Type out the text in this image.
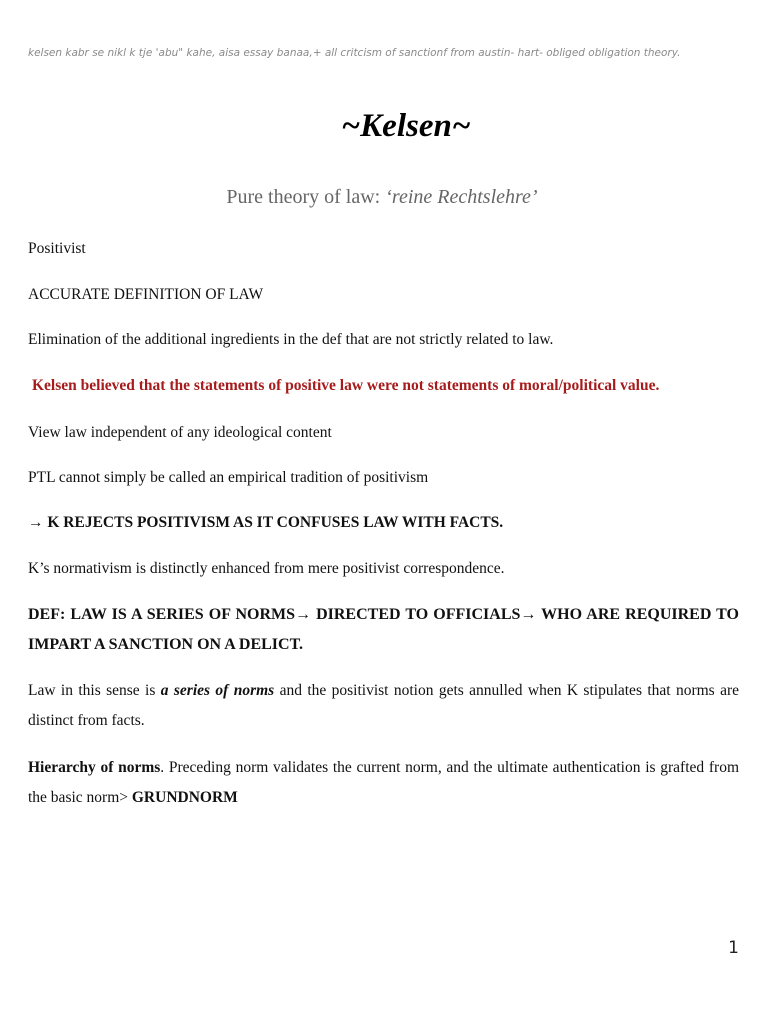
kelsen kabr se nikl k tje 'abu" kahe, aisa essay banaa,+ all critcism of sanctionf from austin- hart- obliged obligation theory.
~Kelsen~
Pure theory of law: ‘reine Rechtslehre’
Positivist
ACCURATE DEFINITION OF LAW
Elimination of the additional ingredients in the def that are not strictly related to law.
Kelsen believed that the statements of positive law were not statements of moral/political value.
View law independent of any ideological content
PTL cannot simply be called an empirical tradition of positivism
→ K REJECTS POSITIVISM AS IT CONFUSES LAW WITH FACTS.
K’s normativism is distinctly enhanced from mere positivist correspondence.
DEF: LAW IS A SERIES OF NORMS→ DIRECTED TO OFFICIALS→ WHO ARE REQUIRED TO IMPART A SANCTION ON A DELICT.
Law in this sense is a series of norms and the positivist notion gets annulled when K stipulates that norms are distinct from facts.
Hierarchy of norms. Preceding norm validates the current norm, and the ultimate authentication is grafted from the basic norm> GRUNDNORM
1
